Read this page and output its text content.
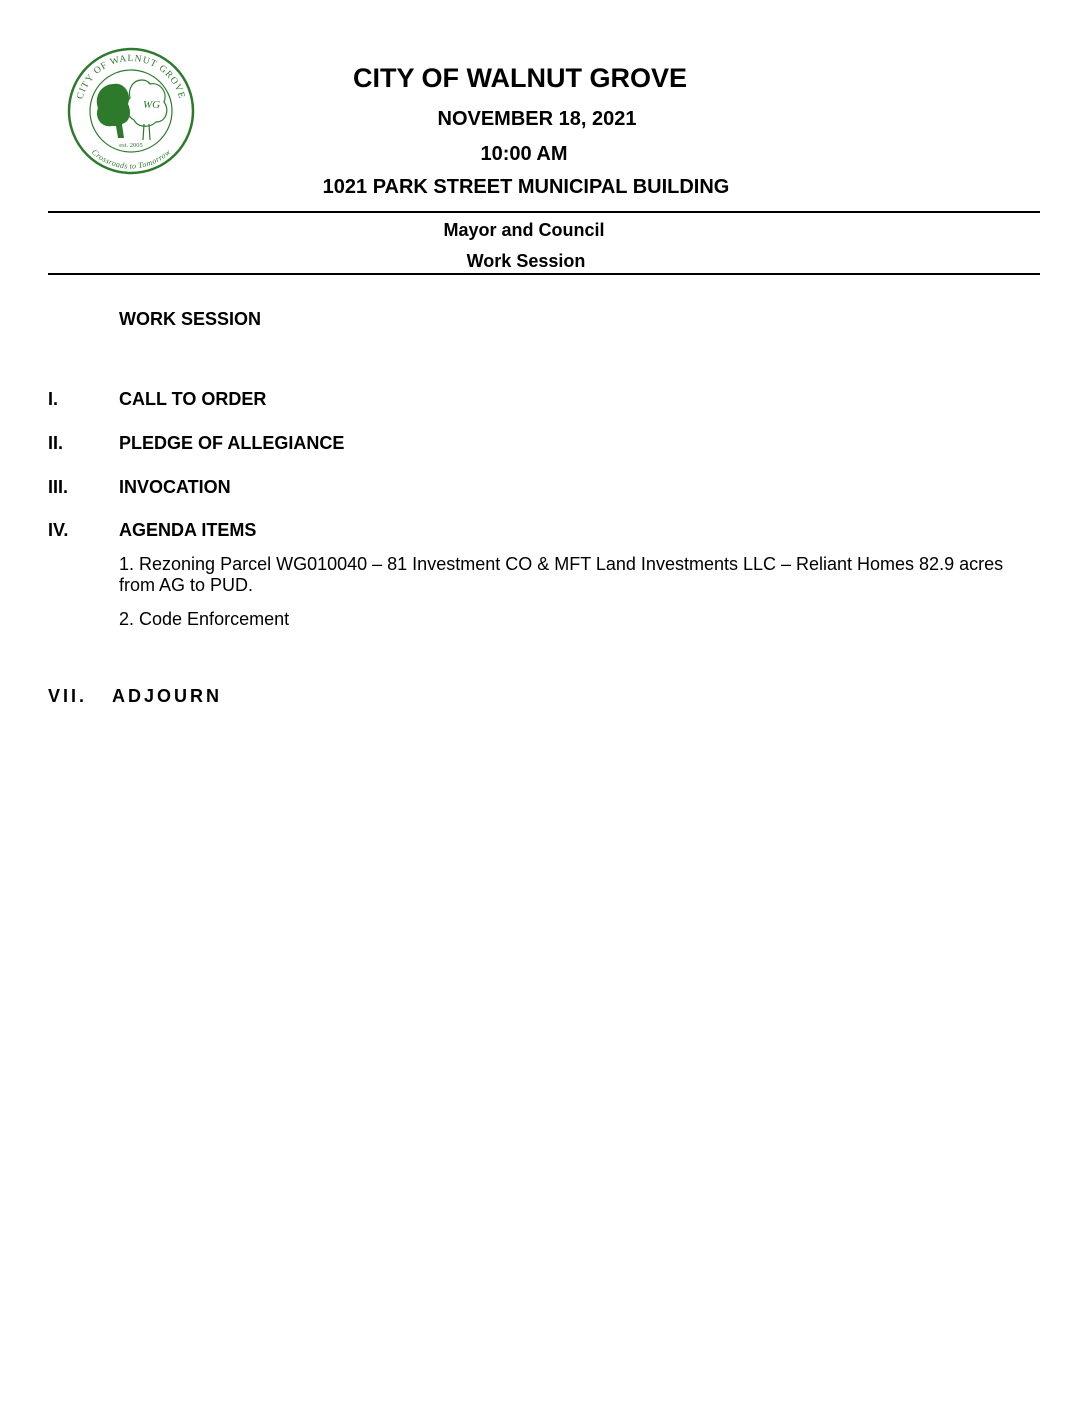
WG
CITY OF WALNUT GROVE
est. 2005
Crossroads to Tomorrow
CITY OF WALNUT GROVE
NOVEMBER 18, 2021
10:00 AM
1021 PARK STREET MUNICIPAL BUILDING
Mayor and Council
Work Session
WORK SESSION
I.	CALL TO ORDER
II.	PLEDGE OF ALLEGIANCE
III.	INVOCATION
IV.	AGENDA ITEMS
1. Rezoning Parcel WG010040 – 81 Investment CO & MFT Land Investments LLC – Reliant Homes 82.9 acres from AG to PUD.
2. Code Enforcement
VII. ADJOURN
